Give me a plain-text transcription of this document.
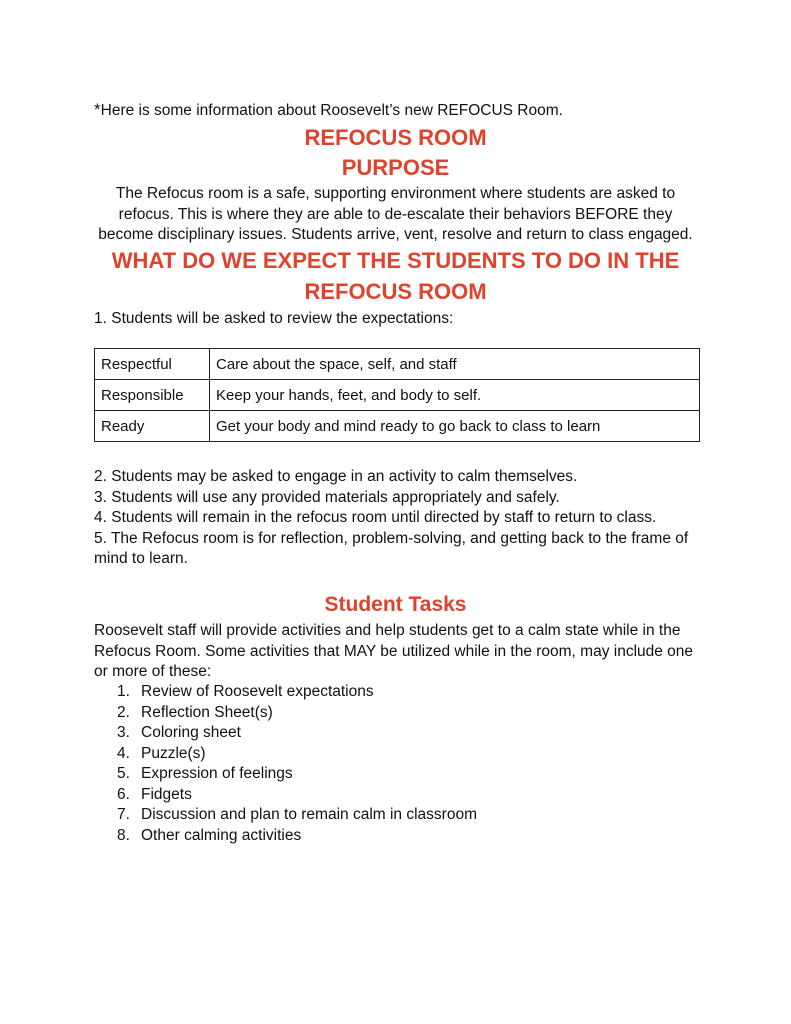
*Here is some information about Roosevelt’s new REFOCUS Room.
REFOCUS ROOM
PURPOSE
The Refocus room is a safe, supporting environment where students are asked to
refocus. This is where they are able to de-escalate their behaviors BEFORE they
become disciplinary issues. Students arrive, vent, resolve and return to class engaged.
WHAT DO WE EXPECT THE STUDENTS TO DO IN THE
REFOCUS ROOM
1. Students will be asked to review the expectations:
Respectful	Care about the space, self, and staff
Responsible	Keep your hands, feet, and body to self.
Ready	Get your body and mind ready to go back to class to learn
2. Students may be asked to engage in an activity to calm themselves.
3. Students will use any provided materials appropriately and safely.
4. Students will remain in the refocus room until directed by staff to return to class.
5. The Refocus room is for reflection, problem-solving, and getting back to the frame of
mind to learn.
Student Tasks
Roosevelt staff will provide activities and help students get to a calm state while in the
Refocus Room. Some activities that MAY be utilized while in the room, may include one
or more of these:
1. Review of Roosevelt expectations
2. Reflection Sheet(s)
3. Coloring sheet
4. Puzzle(s)
5. Expression of feelings
6. Fidgets
7. Discussion and plan to remain calm in classroom
8. Other calming activities
